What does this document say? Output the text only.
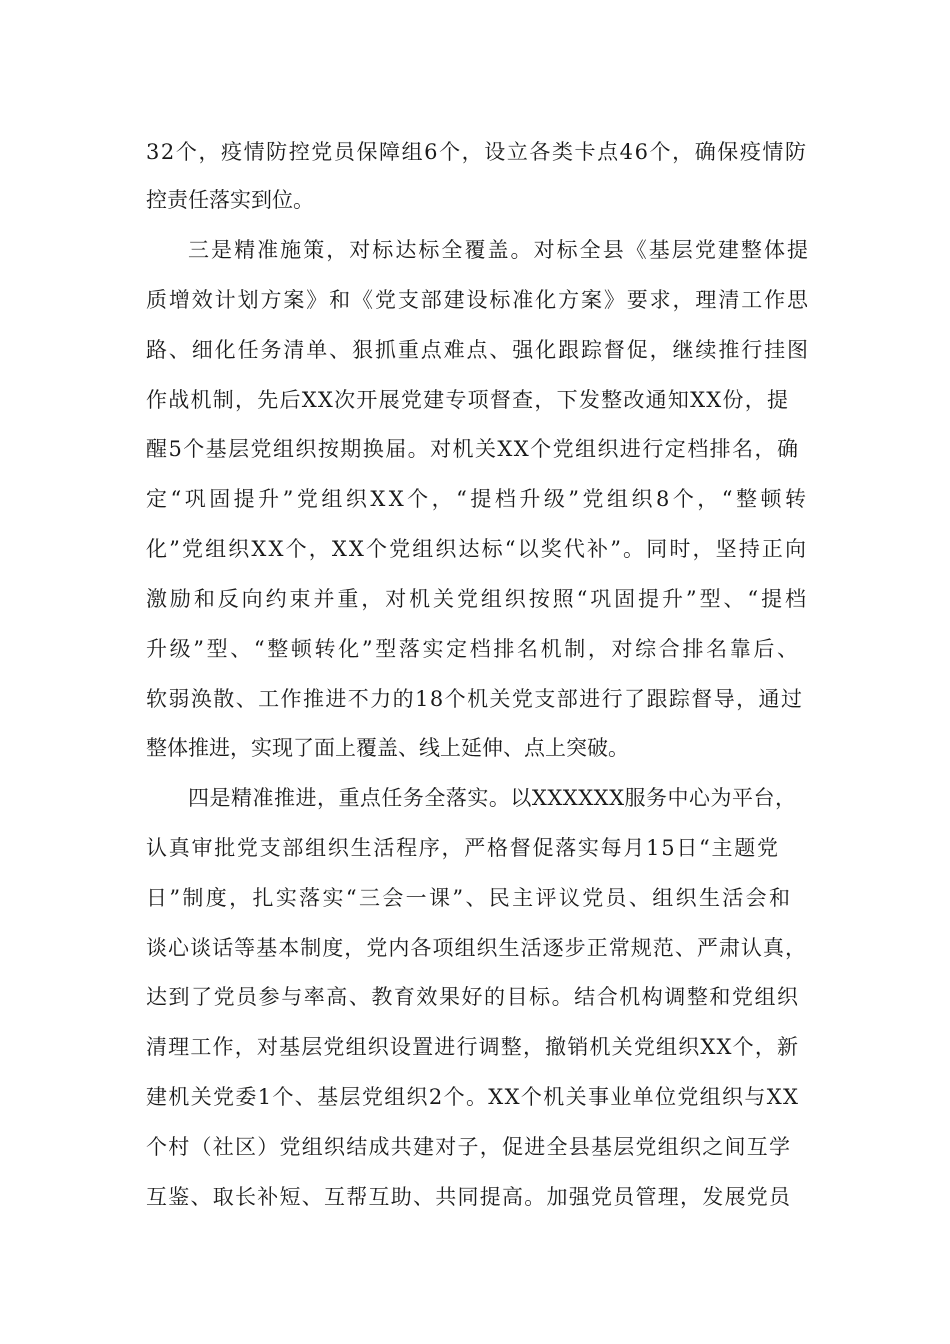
32个，疫情防控党员保障组6个，设立各类卡点46个，确保疫情防
控责任落实到位。
三是精准施策，对标达标全覆盖。对标全县《基层党建整体提
质增效计划方案》和《党支部建设标准化方案》要求，理清工作思
路、细化任务清单、狠抓重点难点、强化跟踪督促，继续推行挂图
作战机制，先后XX次开展党建专项督查，下发整改通知XX份，提
醒5个基层党组织按期换届。对机关XX个党组织进行定档排名，确
定“巩固提升”党组织XX个，“提档升级”党组织8个，“整顿转
化”党组织XX个，XX个党组织达标“以奖代补”。同时，坚持正向
激励和反向约束并重，对机关党组织按照“巩固提升”型、“提档
升级”型、“整顿转化”型落实定档排名机制，对综合排名靠后、
软弱涣散、工作推进不力的18个机关党支部进行了跟踪督导，通过
整体推进，实现了面上覆盖、线上延伸、点上突破。
四是精准推进，重点任务全落实。以XXXXXX服务中心为平台，
认真审批党支部组织生活程序，严格督促落实每月15日“主题党
日”制度，扎实落实“三会一课”、民主评议党员、组织生活会和
谈心谈话等基本制度，党内各项组织生活逐步正常规范、严肃认真，
达到了党员参与率高、教育效果好的目标。结合机构调整和党组织
清理工作，对基层党组织设置进行调整，撤销机关党组织XX个，新
建机关党委1个、基层党组织2个。XX个机关事业单位党组织与XX
个村（社区）党组织结成共建对子，促进全县基层党组织之间互学
互鉴、取长补短、互帮互助、共同提高。加强党员管理，发展党员
